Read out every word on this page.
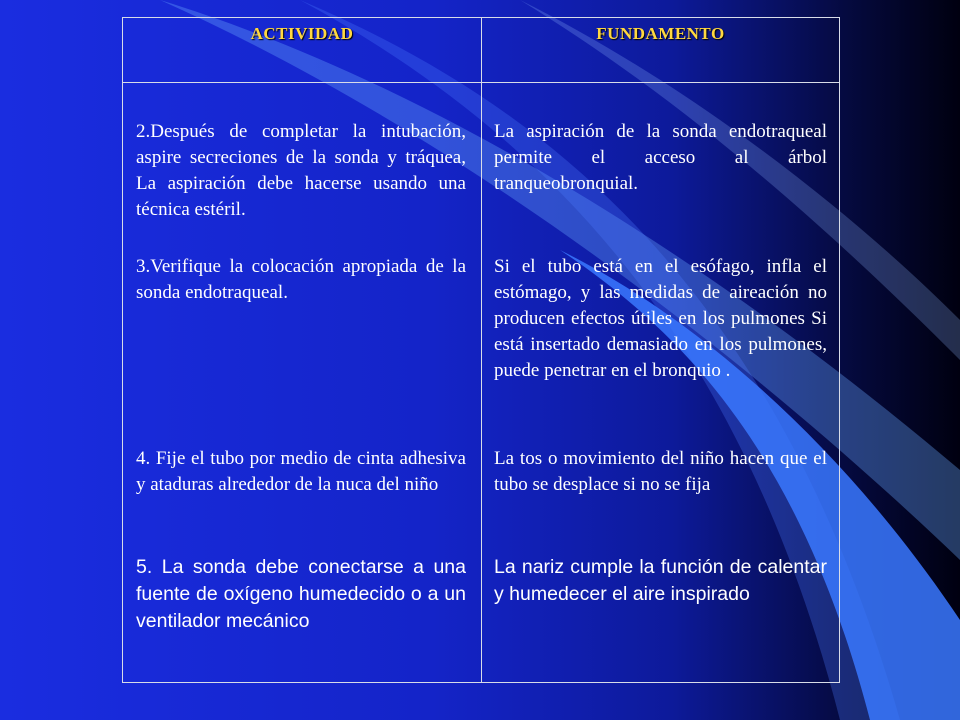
ACTIVIDAD	FUNDAMENTO
2.Después de completar la intubación, aspire secreciones de la sonda y tráquea, La aspiración debe hacerse usando una técnica estéril.
La aspiración de la sonda endotraqueal permite el acceso al árbol tranqueobronquial.
3.Verifique la colocación apropiada de la sonda endotraqueal.
Si el tubo está en el esófago, infla el estómago, y las medidas de aireación no producen efectos útiles en los pulmones Si está insertado demasiado en los pulmones, puede penetrar en el bronquio .
4. Fije el tubo por medio de cinta adhesiva y ataduras alrededor de la nuca del niño
La tos o movimiento del niño hacen que el tubo se desplace si no se fija
5. La sonda debe conectarse a una fuente de oxígeno humedecido o a un ventilador mecánico
La nariz cumple la función de calentar y humedecer el aire inspirado
